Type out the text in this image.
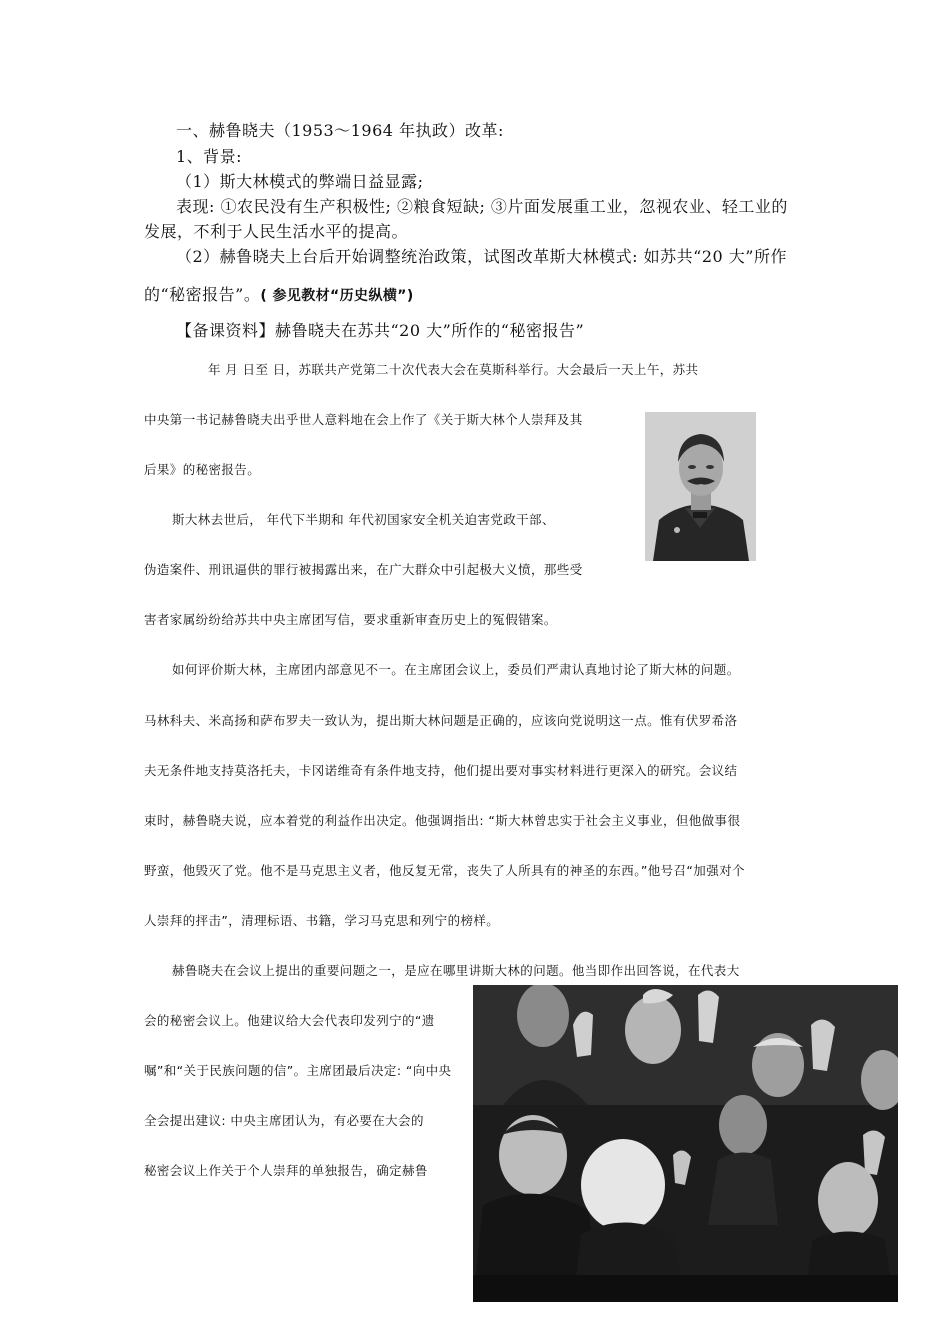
一、赫鲁晓夫（1953～1964 年执政）改革:
1、背景:
（1）斯大林模式的弊端日益显露;
表现: ①农民没有生产积极性; ②粮食短缺; ③片面发展重工业，忽视农业、轻工业的
发展，不利于人民生活水平的提高。
（2）赫鲁晓夫上台后开始调整统治政策，试图改革斯大林模式: 如苏共“20 大”所作
的“秘密报告”。( 参见教材“历史纵横”)
【备课资料】赫鲁晓夫在苏共“20 大”所作的“秘密报告”
年 月 日至 日，苏联共产党第二十次代表大会在莫斯科举行。大会最后一天上午，苏共
中央第一书记赫鲁晓夫出乎世人意料地在会上作了《关于斯大林个人崇拜及其
后果》的秘密报告。
斯大林去世后， 年代下半期和 年代初国家安全机关迫害党政干部、
伪造案件、刑讯逼供的罪行被揭露出来，在广大群众中引起极大义愤，那些受
害者家属纷纷给苏共中央主席团写信，要求重新审查历史上的冤假错案。
如何评价斯大林，主席团内部意见不一。在主席团会议上，委员们严肃认真地讨论了斯大林的问题。
马林科夫、米高扬和萨布罗夫一致认为，提出斯大林问题是正确的，应该向党说明这一点。惟有伏罗希洛
夫无条件地支持莫洛托夫，卡冈诺维奇有条件地支持，他们提出要对事实材料进行更深入的研究。会议结
束时，赫鲁晓夫说，应本着党的利益作出决定。他强调指出: “斯大林曾忠实于社会主义事业，但他做事很
野蛮，他毁灭了党。他不是马克思主义者，他反复无常，丧失了人所具有的神圣的东西。”他号召“加强对个
人崇拜的抨击”，清理标语、书籍，学习马克思和列宁的榜样。
赫鲁晓夫在会议上提出的重要问题之一，是应在哪里讲斯大林的问题。他当即作出回答说，在代表大
会的秘密会议上。他建议给大会代表印发列宁的“遗
嘱”和“关于民族问题的信”。主席团最后决定: “向中央
全会提出建议: 中央主席团认为，有必要在大会的
秘密会议上作关于个人崇拜的单独报告，确定赫鲁
